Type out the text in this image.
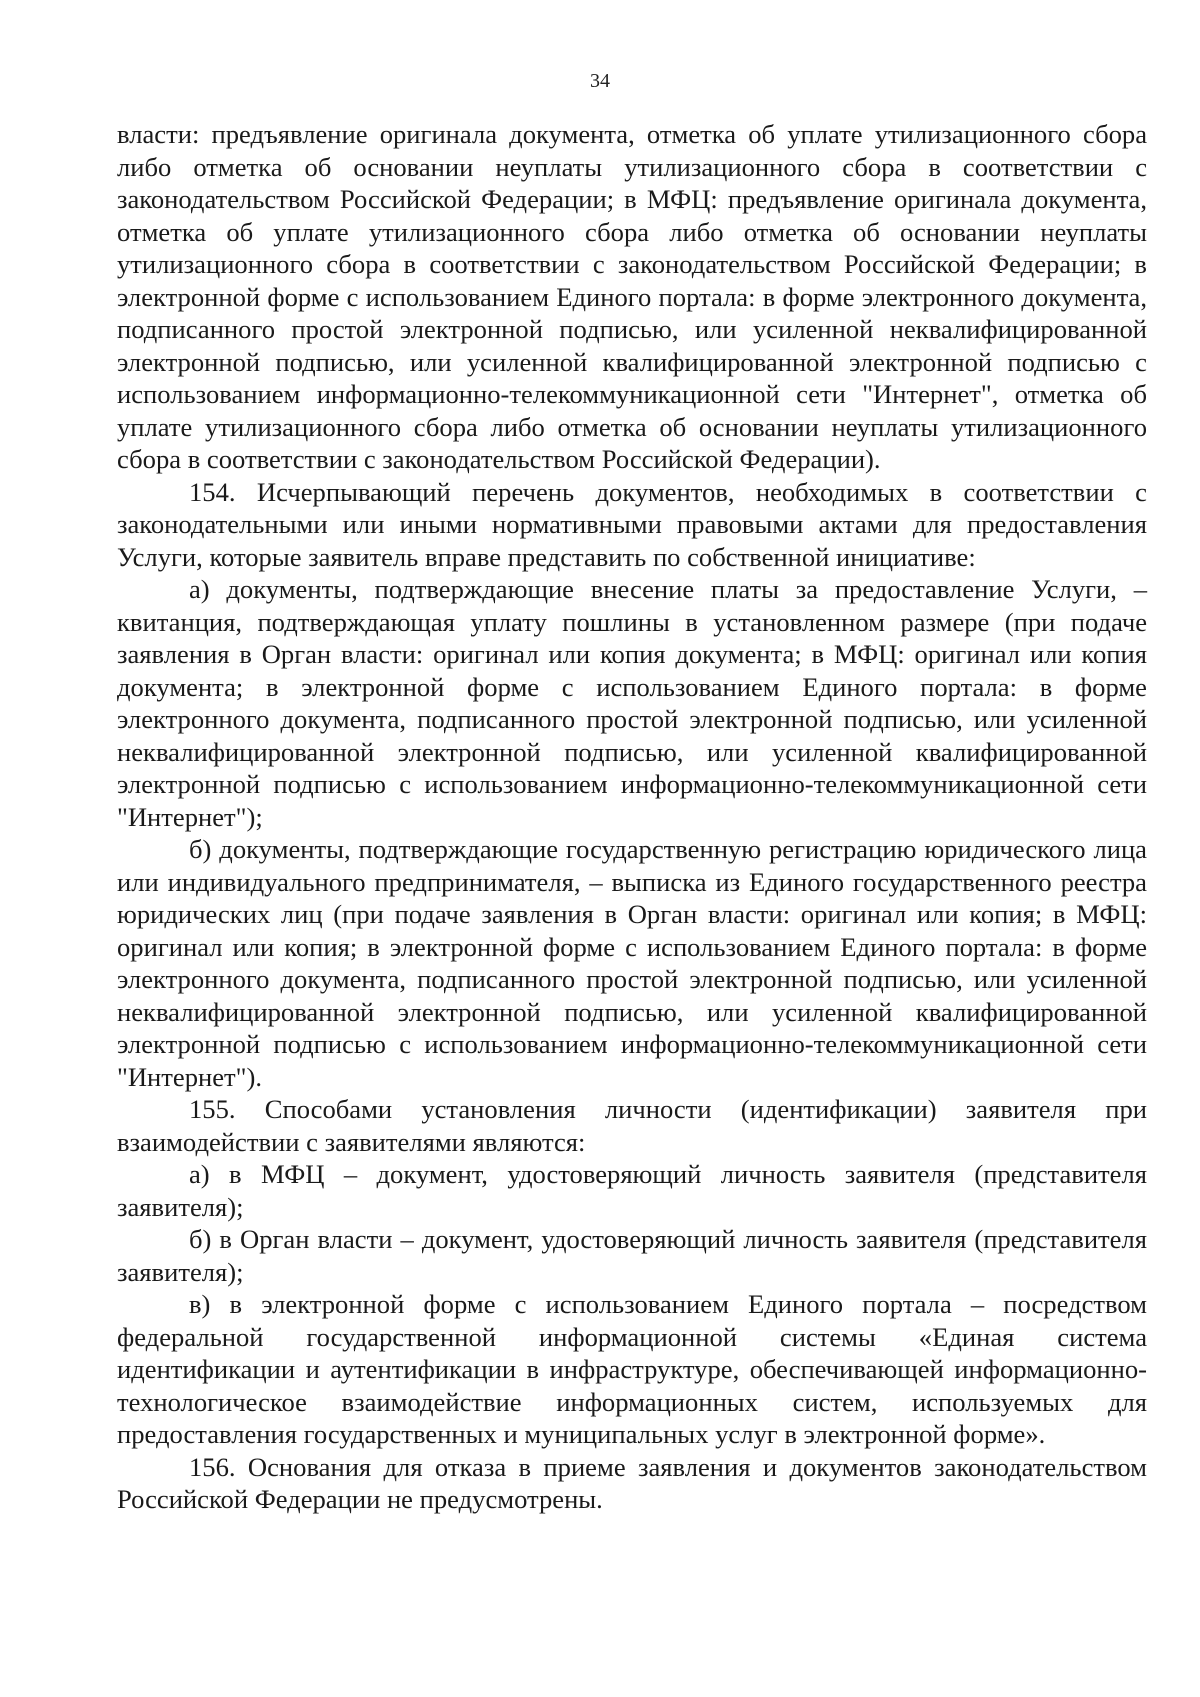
34

власти: предъявление оригинала документа, отметка об уплате утилизационного сбора либо отметка об основании неуплаты утилизационного сбора в соответствии с законодательством Российской Федерации; в МФЦ: предъявление оригинала документа, отметка об уплате утилизационного сбора либо отметка об основании неуплаты утилизационного сбора в соответствии с законодательством Российской Федерации; в электронной форме с использованием Единого портала: в форме электронного документа, подписанного простой электронной подписью, или усиленной неквалифицированной электронной подписью, или усиленной квалифицированной электронной подписью с использованием информационно-телекоммуникационной сети "Интернет", отметка об уплате утилизационного сбора либо отметка об основании неуплаты утилизационного сбора в соответствии с законодательством Российской Федерации).

154. Исчерпывающий перечень документов, необходимых в соответствии с законодательными или иными нормативными правовыми актами для предоставления Услуги, которые заявитель вправе представить по собственной инициативе:

а) документы, подтверждающие внесение платы за предоставление Услуги, – квитанция, подтверждающая уплату пошлины в установленном размере (при подаче заявления в Орган власти: оригинал или копия документа; в МФЦ: оригинал или копия документа; в электронной форме с использованием Единого портала: в форме электронного документа, подписанного простой электронной подписью, или усиленной неквалифицированной электронной подписью, или усиленной квалифицированной электронной подписью с использованием информационно-телекоммуникационной сети "Интернет");

б) документы, подтверждающие государственную регистрацию юридического лица или индивидуального предпринимателя, – выписка из Единого государственного реестра юридических лиц (при подаче заявления в Орган власти: оригинал или копия; в МФЦ: оригинал или копия; в электронной форме с использованием Единого портала: в форме электронного документа, подписанного простой электронной подписью, или усиленной неквалифицированной электронной подписью, или усиленной квалифицированной электронной подписью с использованием информационно-телекоммуникационной сети "Интернет").

155. Способами установления личности (идентификации) заявителя при взаимодействии с заявителями являются:

а) в МФЦ – документ, удостоверяющий личность заявителя (представителя заявителя);

б) в Орган власти – документ, удостоверяющий личность заявителя (представителя заявителя);

в) в электронной форме с использованием Единого портала – посредством федеральной государственной информационной системы «Единая система идентификации и аутентификации в инфраструктуре, обеспечивающей информационно-технологическое взаимодействие информационных систем, используемых для предоставления государственных и муниципальных услуг в электронной форме».

156. Основания для отказа в приеме заявления и документов законодательством Российской Федерации не предусмотрены.
